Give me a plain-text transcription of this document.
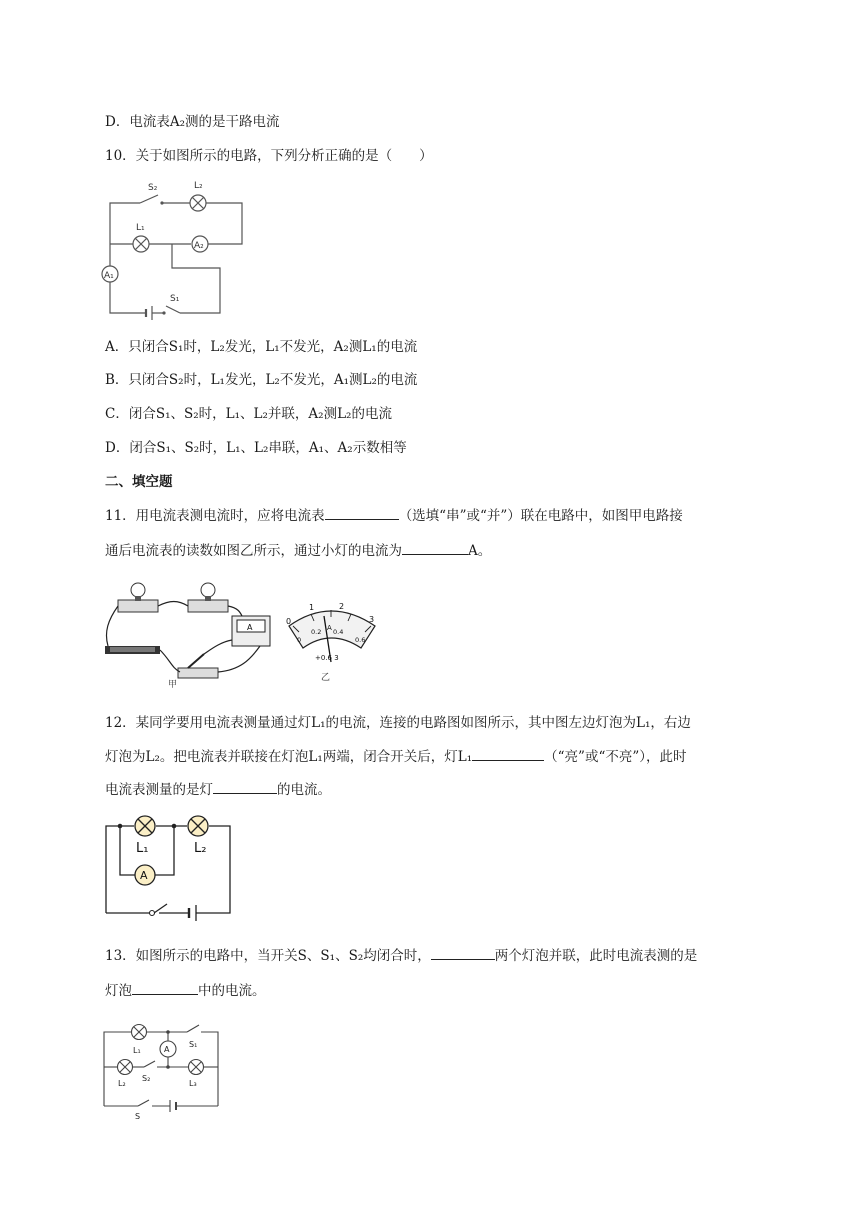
D．电流表A₂测的是干路电流
10．关于如图所示的电路，下列分析正确的是（　　）
S₂	L₂
L₁
A₂
A₁
S₁
A．只闭合S₁时，L₂发光，L₁不发光，A₂测L₁的电流
B．只闭合S₂时，L₁发光，L₂不发光，A₁测L₂的电流
C．闭合S₁、S₂时，L₁、L₂并联，A₂测L₂的电流
D．闭合S₁、S₂时，L₁、L₂串联，A₁、A₂示数相等
二、填空题
11．用电流表测电流时，应将电流表	（选填“串”或“并”）联在电路中，如图甲电路接
通后电流表的读数如图乙所示，通过小灯的电流为	A。
A
甲
0
1	2
3
0
0.2 0.4
0.6
A
+0.6 3
乙
12．某同学要用电流表测量通过灯L₁的电流，连接的电路图如图所示，其中图左边灯泡为L₁，右边
灯泡为L₂。把电流表并联接在灯泡L₁两端，闭合开关后，灯L₁	（“亮”或“不亮”），此时
电流表测量的是灯	的电流。
A
L₁	L₂
13．如图所示的电路中，当开关S、S₁、S₂均闭合时，	两个灯泡并联，此时电流表测的是
灯泡	中的电流。
A
L₁
S₁
L₂
S₂
L₃
S
